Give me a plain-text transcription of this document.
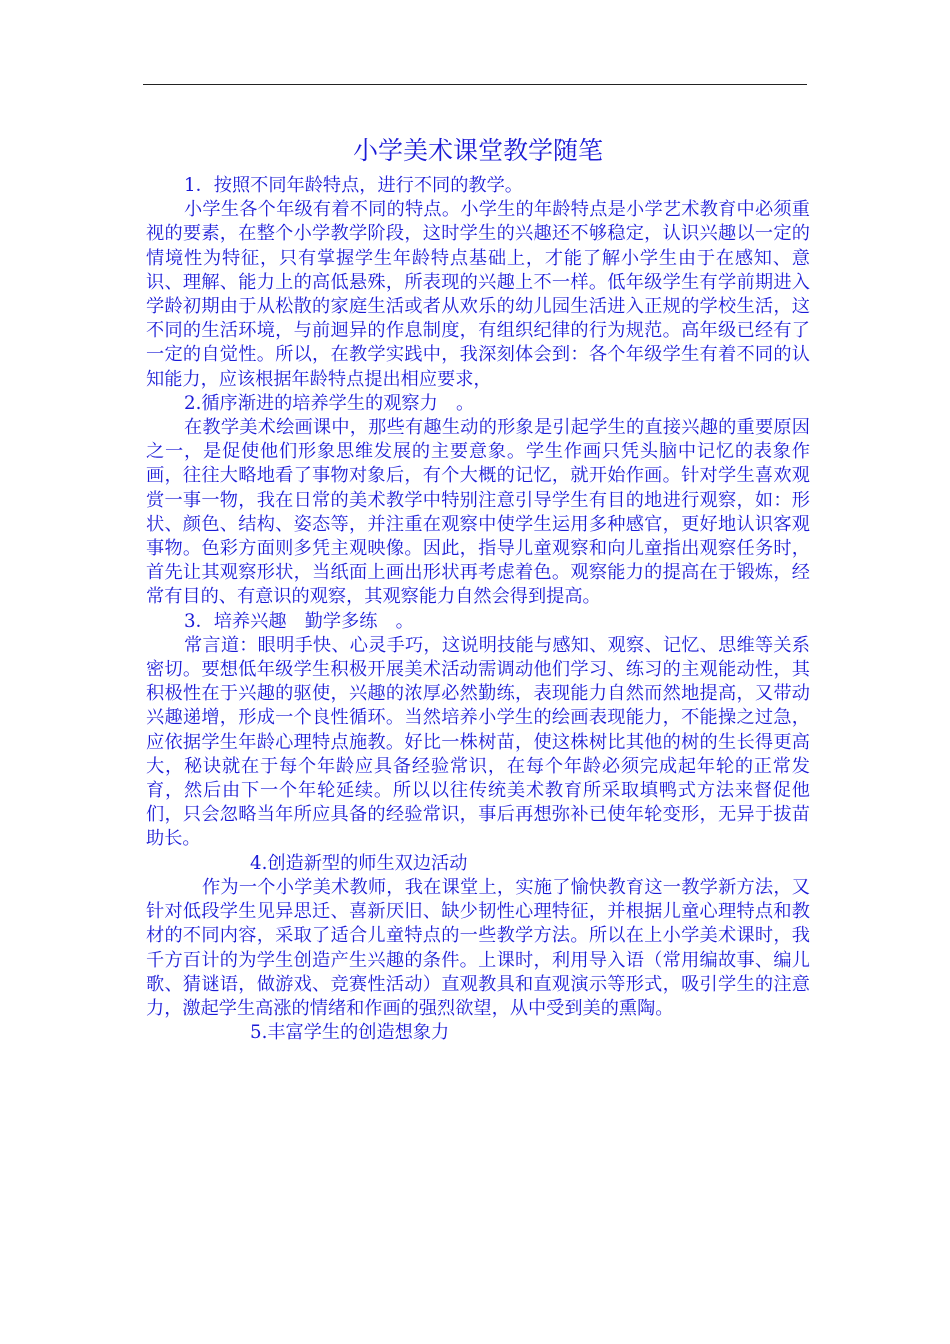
小学美术课堂教学随笔

1．按照不同年龄特点，进行不同的教学。

小学生各个年级有着不同的特点。小学生的年龄特点是小学艺术教育中必须重视的要素，在整个小学教学阶段，这时学生的兴趣还不够稳定，认识兴趣以一定的情境性为特征，只有掌握学生年龄特点基础上，才能了解小学生由于在感知、意识、理解、能力上的高低悬殊，所表现的兴趣上不一样。低年级学生有学前期进入学龄初期由于从松散的家庭生活或者从欢乐的幼儿园生活进入正规的学校生活，这不同的生活环境，与前迴异的作息制度，有组织纪律的行为规范。高年级已经有了一定的自觉性。所以，在教学实践中，我深刻体会到：各个年级学生有着不同的认知能力，应该根据年龄特点提出相应要求，

2.循序渐进的培养学生的观察力　。

在教学美术绘画课中，那些有趣生动的形象是引起学生的直接兴趣的重要原因之一，是促使他们形象思维发展的主要意象。学生作画只凭头脑中记忆的表象作画，往往大略地看了事物对象后，有个大概的记忆，就开始作画。针对学生喜欢观赏一事一物，我在日常的美术教学中特别注意引导学生有目的地进行观察，如：形状、颜色、结构、姿态等，并注重在观察中使学生运用多种感官，更好地认识客观事物。色彩方面则多凭主观映像。因此，指导儿童观察和向儿童指出观察任务时，首先让其观察形状，当纸面上画出形状再考虑着色。观察能力的提高在于锻炼，经常有目的、有意识的观察，其观察能力自然会得到提高。

3．培养兴趣　勤学多练　。

常言道：眼明手快、心灵手巧，这说明技能与感知、观察、记忆、思维等关系密切。要想低年级学生积极开展美术活动需调动他们学习、练习的主观能动性，其积极性在于兴趣的驱使，兴趣的浓厚必然勤练，表现能力自然而然地提高，又带动兴趣递增，形成一个良性循环。当然培养小学生的绘画表现能力，不能操之过急，应依据学生年龄心理特点施教。好比一株树苗，使这株树比其他的树的生长得更高大，秘诀就在于每个年龄应具备经验常识，在每个年龄必须完成起年轮的正常发育，然后由下一个年轮延续。所以以往传统美术教育所采取填鸭式方法来督促他们，只会忽略当年所应具备的经验常识，事后再想弥补已使年轮变形，无异于拔苗助长。

4.创造新型的师生双边活动

作为一个小学美术教师，我在课堂上，实施了愉快教育这一教学新方法，又针对低段学生见异思迁、喜新厌旧、缺少韧性心理特征，并根据儿童心理特点和教材的不同内容，采取了适合儿童特点的一些教学方法。所以在上小学美术课时，我千方百计的为学生创造产生兴趣的条件。上课时，利用导入语（常用编故事、编儿歌、猜谜语，做游戏、竞赛性活动）直观教具和直观演示等形式，吸引学生的注意力，激起学生高涨的情绪和作画的强烈欲望，从中受到美的熏陶。

5.丰富学生的创造想象力
